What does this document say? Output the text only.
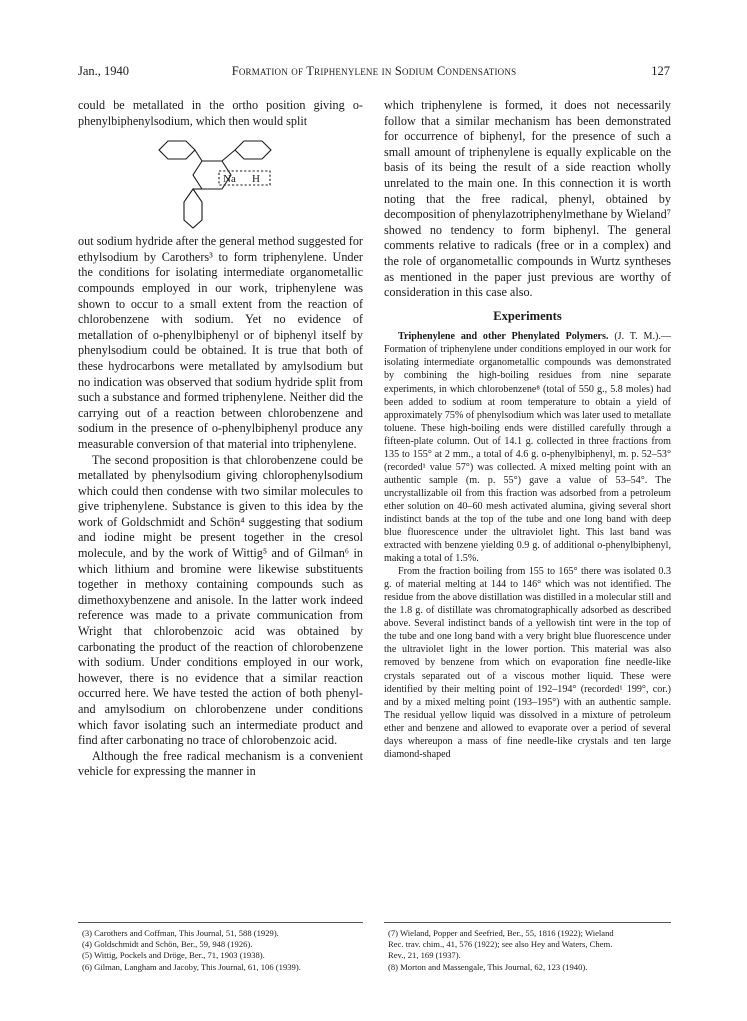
Jan., 1940	Formation of Triphenylene in Sodium Condensations	127

could be metallated in the ortho position giving o-phenylbiphenylsodium, which then would split

out sodium hydride after the general method suggested for ethylsodium by Carothers³ to form triphenylene. Under the conditions for isolating intermediate organometallic compounds employed in our work, triphenylene was shown to occur to a small extent from the reaction of chlorobenzene with sodium. Yet no evidence of metallation of o-phenylbiphenyl or of biphenyl itself by phenylsodium could be obtained. It is true that both of these hydrocarbons were metallated by amylsodium but no indication was observed that sodium hydride split from such a substance and formed triphenylene. Neither did the carrying out of a reaction between chlorobenzene and sodium in the presence of o-phenylbiphenyl produce any measurable conversion of that material into triphenylene.

The second proposition is that chlorobenzene could be metallated by phenylsodium giving chlorophenylsodium which could then condense with two similar molecules to give triphenylene. Substance is given to this idea by the work of Goldschmidt and Schön⁴ suggesting that sodium and iodine might be present together in the cresol molecule, and by the work of Wittig⁵ and of Gilman⁶ in which lithium and bromine were likewise substituents together in methoxy containing compounds such as dimethoxybenzene and anisole. In the latter work indeed reference was made to a private communication from Wright that chlorobenzoic acid was obtained by carbonating the product of the reaction of chlorobenzene with sodium. Under conditions employed in our work, however, there is no evidence that a similar reaction occurred here. We have tested the action of both phenyl- and amylsodium on chlorobenzene under conditions which favor isolating such an intermediate product and find after carbonating no trace of chlorobenzoic acid.

Although the free radical mechanism is a convenient vehicle for expressing the manner in

Na H

which triphenylene is formed, it does not necessarily follow that a similar mechanism has been demonstrated for occurrence of biphenyl, for the presence of such a small amount of triphenylene is equally explicable on the basis of its being the result of a side reaction wholly unrelated to the main one. In this connection it is worth noting that the free radical, phenyl, obtained by decomposition of phenylazotriphenylmethane by Wieland⁷ showed no tendency to form biphenyl. The general comments relative to radicals (free or in a complex) and the role of organometallic compounds in Wurtz syntheses as mentioned in the paper just previous are worthy of consideration in this case also.

Experiments

Triphenylene and other Phenylated Polymers. (J. T. M.).—Formation of triphenylene under conditions employed in our work for isolating intermediate organometallic compounds was demonstrated by combining the high-boiling residues from nine separate experiments, in which chlorobenzene⁸ (total of 550 g., 5.8 moles) had been added to sodium at room temperature to obtain a yield of approximately 75% of phenylsodium which was later used to metallate toluene. These high-boiling ends were distilled carefully through a fifteen-plate column. Out of 14.1 g. collected in three fractions from 135 to 155° at 2 mm., a total of 4.6 g. o-phenylbiphenyl, m. p. 52–53° (recorded¹ value 57°) was collected. A mixed melting point with an authentic sample (m. p. 55°) gave a value of 53–54°. The uncrystallizable oil from this fraction was adsorbed from a petroleum ether solution on 40–60 mesh activated alumina, giving several short indistinct bands at the top of the tube and one long band with deep blue fluorescence under the ultraviolet light. This last band was extracted with benzene yielding 0.9 g. of additional o-phenylbiphenyl, making a total of 1.5%.

From the fraction boiling from 155 to 165° there was isolated 0.3 g. of material melting at 144 to 146° which was not identified. The residue from the above distillation was distilled in a molecular still and the 1.8 g. of distillate was chromatographically adsorbed as described above. Several indistinct bands of a yellowish tint were in the top of the tube and one long band with a very bright blue fluorescence under the ultraviolet light in the lower portion. This material was also removed by benzene from which on evaporation fine needle-like crystals separated out of a viscous mother liquid. These were identified by their melting point of 192–194° (recorded¹ 199°, cor.) and by a mixed melting point (193–195°) with an authentic sample. The residual yellow liquid was dissolved in a mixture of petroleum ether and benzene and allowed to evaporate over a period of several days whereupon a mass of fine needle-like crystals and ten large diamond-shaped

(3) Carothers and Coffman, This Journal, 51, 588 (1929).
(4) Goldschmidt and Schön, Ber., 59, 948 (1926).
(5) Wittig, Pockels and Dröge, Ber., 71, 1903 (1938).
(6) Gilman, Langham and Jacoby, This Journal, 61, 106 (1939).
(7) Wieland, Popper and Seefried, Ber., 55, 1816 (1922); Wieland
Rec. trav. chim., 41, 576 (1922); see also Hey and Waters, Chem.
Rev., 21, 169 (1937).
(8) Morton and Massengale, This Journal, 62, 123 (1940).
